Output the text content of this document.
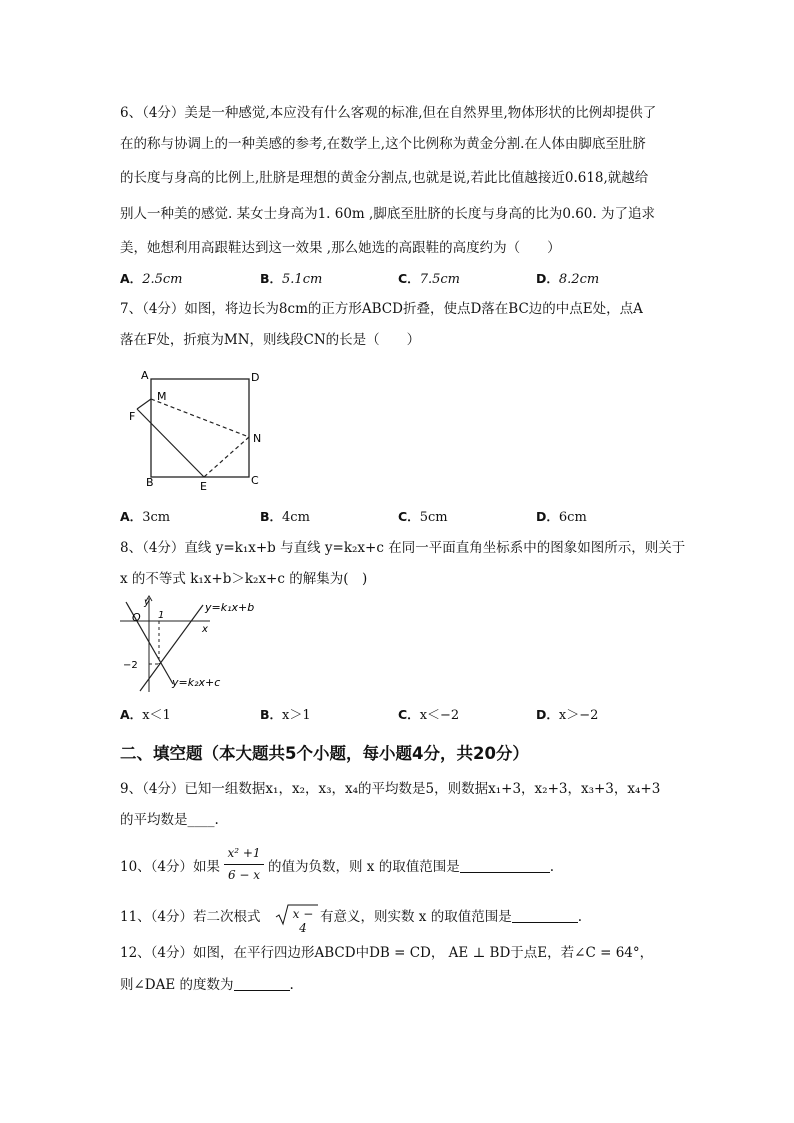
6、（4分）美是一种感觉,本应没有什么客观的标准,但在自然界里,物体形状的比例却提供了
在的称与协调上的一种美感的参考,在数学上,这个比例称为黄金分割.在人体由脚底至肚脐
的长度与身高的比例上,肚脐是理想的黄金分割点,也就是说,若此比值越接近0.618,就越给
别人一种美的感觉. 某女士身高为1. 60m ,脚底至肚脐的长度与身高的比为0.60. 为了追求
美，她想利用高跟鞋达到这一效果 ,那么她选的高跟鞋的高度约为（　　）
A．2.5cm	B．5.1cm	C．7.5cm	D．8.2cm
7、（4分）如图，将边长为8cm的正方形ABCD折叠，使点D落在BC边的中点E处，点A
落在F处，折痕为MN，则线段CN的长是（　　）
A	D
M
F
N
B	E	C
A．3cm	B．4cm	C．5cm	D．6cm
8、（4分）直线 y=k₁x+b 与直线 y=k₂x+c 在同一平面直角坐标系中的图象如图所示，则关于
x 的不等式 k₁x+b＞k₂x+c 的解集为(　)
y
x
O 1
−2
y=k₁x+b
y=k₂x+c
A．x＜1	B．x＞1	C．x＜−2	D．x＞−2
二、填空题（本大题共5个小题，每小题4分，共20分）
9、（4分）已知一组数据x₁，x₂，x₃，x₄的平均数是5，则数据x₁+3，x₂+3，x₃+3，x₄+3
的平均数是____.
10、（4分）如果
x² +1
6 − x 的值为负数，则 x 的取值范围是	.
11、（4分）若二次根式	x − 4
有意义，则实数 x 的取值范围是	.
12、（4分）如图，在平行四边形ABCD中DB = CD， AE ⊥ BD于点E，若∠C = 64°，
则∠DAE 的度数为	.
